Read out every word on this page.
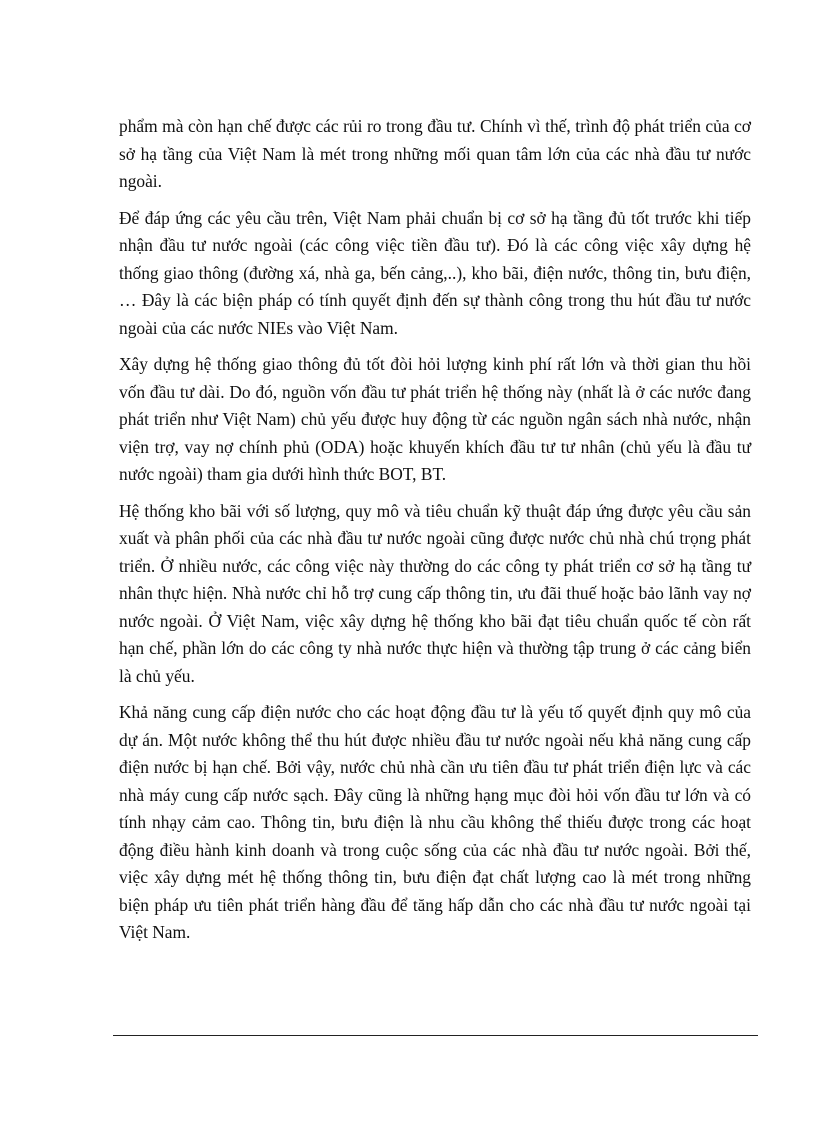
phẩm mà còn hạn chế được các rủi ro trong đầu tư. Chính vì thế, trình độ phát triển của cơ sở hạ tầng của Việt Nam là mét trong những mối quan tâm lớn của các nhà đầu tư nước ngoài.

Để đáp ứng các yêu cầu trên, Việt Nam phải chuẩn bị cơ sở hạ tầng đủ tốt trước khi tiếp nhận đầu tư nước ngoài (các công việc tiền đầu tư). Đó là các công việc xây dựng hệ thống giao thông (đường xá, nhà ga, bến cảng,..), kho bãi, điện nước, thông tin, bưu điện, … Đây là các biện pháp có tính quyết định đến sự thành công trong thu hút đầu tư nước ngoài của các nước NIEs vào Việt Nam.

Xây dựng hệ thống giao thông đủ tốt đòi hỏi lượng kinh phí rất lớn và thời gian thu hồi vốn đầu tư dài. Do đó, nguồn vốn đầu tư phát triển hệ thống này (nhất là ở các nước đang phát triển như Việt Nam) chủ yếu được huy động từ các nguồn ngân sách nhà nước, nhận viện trợ, vay nợ chính phủ (ODA) hoặc khuyến khích đầu tư tư nhân (chủ yếu là đầu tư nước ngoài) tham gia dưới hình thức BOT, BT.

Hệ thống kho bãi với số lượng, quy mô và tiêu chuẩn kỹ thuật đáp ứng được yêu cầu sản xuất và phân phối của các nhà đầu tư nước ngoài cũng được nước chủ nhà chú trọng phát triển. Ở nhiều nước, các công việc này thường do các công ty phát triển cơ sở hạ tầng tư nhân thực hiện. Nhà nước chỉ hỗ trợ cung cấp thông tin, ưu đãi thuế hoặc bảo lãnh vay nợ nước ngoài. Ở Việt Nam, việc xây dựng hệ thống kho bãi đạt tiêu chuẩn quốc tế còn rất hạn chế, phần lớn do các công ty nhà nước thực hiện và thường tập trung ở các cảng biển là chủ yếu.

Khả năng cung cấp điện nước cho các hoạt động đầu tư là yếu tố quyết định quy mô của dự án. Một nước không thể thu hút được nhiều đầu tư nước ngoài nếu khả năng cung cấp điện nước bị hạn chế. Bởi vậy, nước chủ nhà cần ưu tiên đầu tư phát triển điện lực và các nhà máy cung cấp nước sạch. Đây cũng là những hạng mục đòi hỏi vốn đầu tư lớn và có tính nhạy cảm cao. Thông tin, bưu điện là nhu cầu không thể thiếu được trong các hoạt động điều hành kinh doanh và trong cuộc sống của các nhà đầu tư nước ngoài. Bởi thế, việc xây dựng mét hệ thống thông tin, bưu điện đạt chất lượng cao là mét trong những biện pháp ưu tiên phát triển hàng đầu để tăng hấp dẫn cho các nhà đầu tư nước ngoài tại Việt Nam.
